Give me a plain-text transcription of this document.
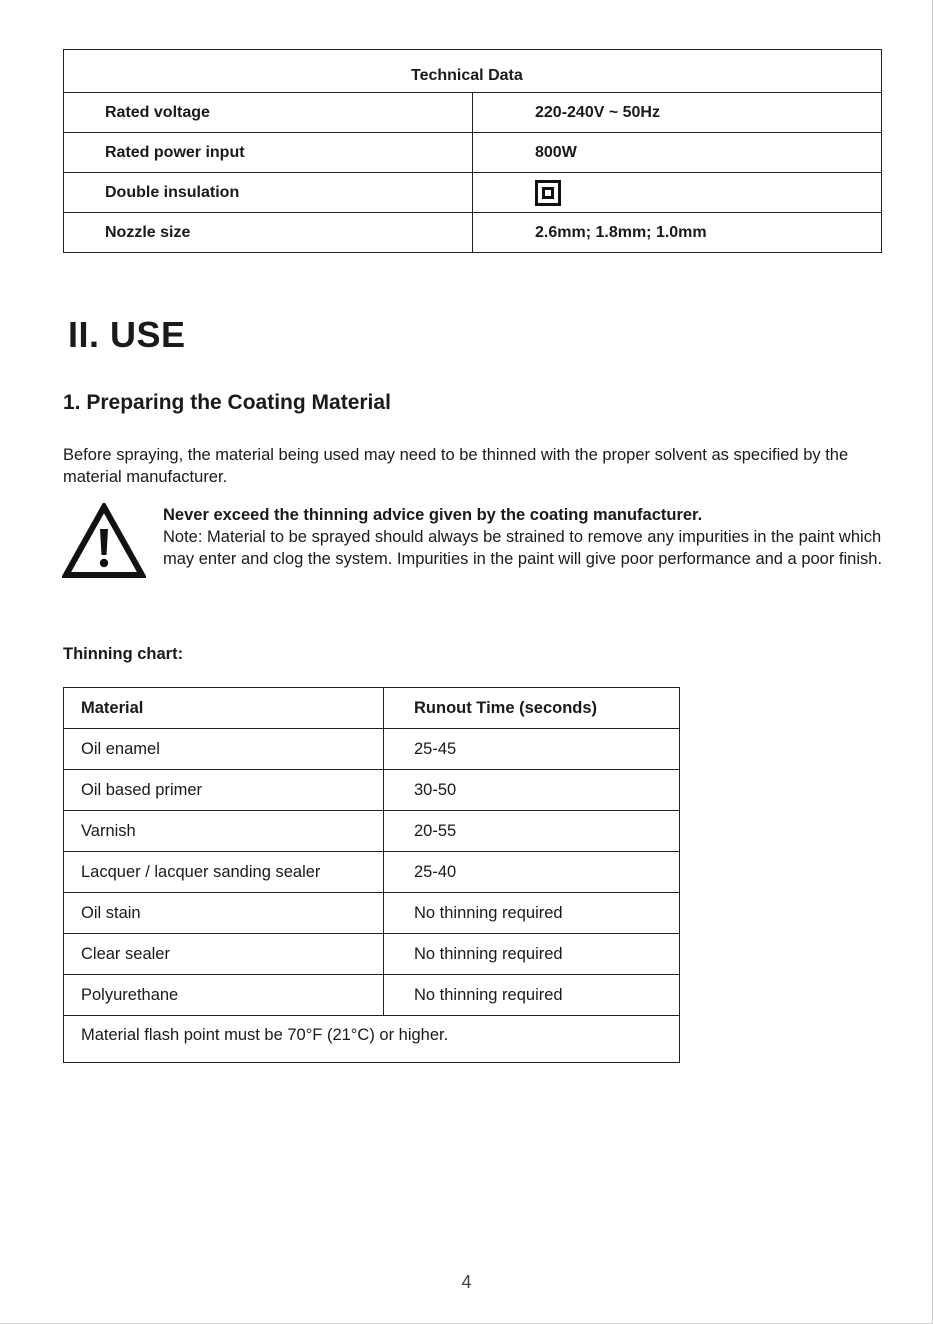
Technical Data	
Rated voltage	220-240V ~ 50Hz
Rated power input	800W
Double insulation	
Nozzle size	2.6mm; 1.8mm; 1.0mm
II. USE
1. Preparing the Coating Material

Before spraying, the material being used may need to be thinned with the proper solvent as specified by the material manufacturer.

Never exceed the thinning advice given by the coating manufacturer.
Note: Material to be sprayed should always be strained to remove any impurities in the paint which may enter and clog the system. Impurities in the paint will give poor performance and a poor finish.

Thinning chart:

Material	Runout Time (seconds)
Oil enamel	25-45
Oil based primer	30-50
Varnish	20-55
Lacquer / lacquer sanding sealer	25-40
Oil stain	No thinning required
Clear sealer	No thinning required
Polyurethane	No thinning required
Material flash point must be 70°F (21°C) or higher.	
4
